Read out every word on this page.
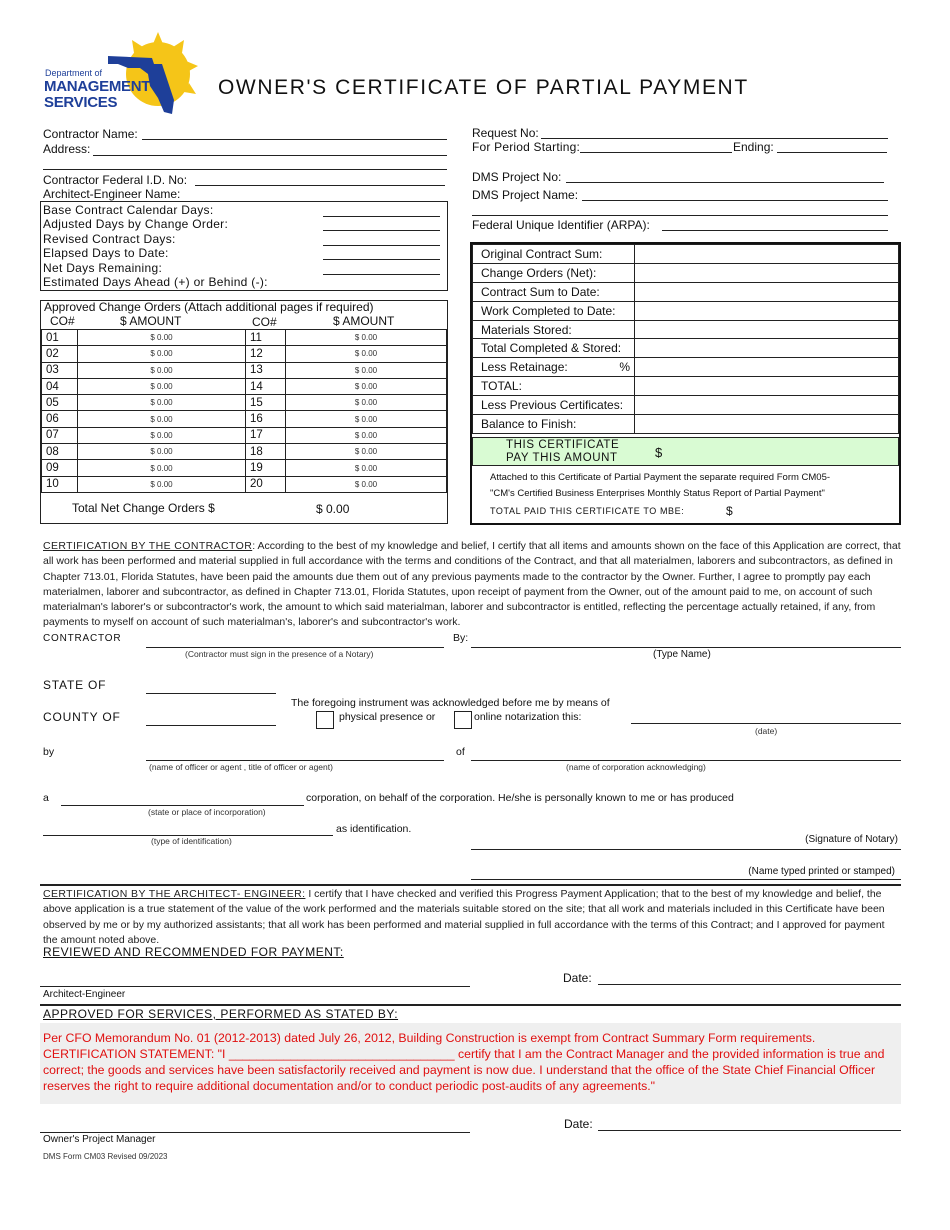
Department of
MANAGEMENT
SERVICES
OWNER'S CERTIFICATE OF PARTIAL PAYMENT
Contractor Name:
Address:
Contractor Federal I.D. No:
Architect-Engineer Name:
Base Contract Calendar Days:
Adjusted Days by Change Order:
Revised Contract Days:
Elapsed Days to Date:
Net Days Remaining:
Estimated Days Ahead (+) or Behind (-):
Approved Change Orders (Attach additional pages if required)
CO#	$ AMOUNT	CO#	$ AMOUNT
01	$ 0.00	11	$ 0.00
02	$ 0.00	12	$ 0.00
03	$ 0.00	13	$ 0.00
04	$ 0.00	14	$ 0.00
05	$ 0.00	15	$ 0.00
06	$ 0.00	16	$ 0.00
07	$ 0.00	17	$ 0.00
08	$ 0.00	18	$ 0.00
09	$ 0.00	19	$ 0.00
10	$ 0.00	20	$ 0.00
Total Net Change Orders $	$ 0.00
Request No:
For Period Starting:	Ending:
DMS Project No:
DMS Project Name:
Federal Unique Identifier (ARPA):
Original Contract Sum:	
Change Orders (Net):	
Contract Sum to Date:	
Work Completed to Date:	
Materials Stored:	
Total Completed & Stored:	
Less Retainage: %	

TOTAL:	
Less Previous Certificates:	
Balance to Finish:	
THIS CERTIFICATE
PAY THIS AMOUNT	$
Attached to this Certificate of Partial Payment the separate required Form CM05-
"CM's Certified Business Enterprises Monthly Status Report of Partial Payment"
TOTAL PAID THIS CERTIFICATE TO MBE:	$
CERTIFICATION BY THE CONTRACTOR: According to the best of my knowledge and belief, I certify that all items and amounts shown on the face of this Application are correct, that all work has been performed and material supplied in full accordance with the terms and conditions of the Contract, and that all materialmen, laborers and subcontractors, as defined in Chapter 713.01, Florida Statutes, have been paid the amounts due them out of any previous payments made to the contractor by the Owner. Further, I agree to promptly pay each materialmen, laborer and subcontractor, as defined in Chapter 713.01, Florida Statutes, upon receipt of payment from the Owner, out of the amount paid to me, on account of such materialman's laborer's or subcontractor's work, the amount to which said materialman, laborer and subcontractor is entitled, reflecting the percentage actually retained, if any, from payments to myself on account of such materialman's, laborer's and subcontractor's work.
CONTRACTOR
(Contractor must sign in the presence of a Notary)
By:
(Type Name)
STATE OF
COUNTY OF
The foregoing instrument was acknowledged before me by means of
physical presence or	online notarization this:
(date)
by
(name of officer or agent , title of officer or agent)
of
(name of corporation acknowledging)
a
(state or place of incorporation)
corporation, on behalf of the corporation. He/she is personally known to me or has produced
as identification.
(type of identification)	(Signature of Notary)
(Name typed printed or stamped)
CERTIFICATION BY THE ARCHITECT- ENGINEER: I certify that I have checked and verified this Progress Payment Application; that to the best of my knowledge and belief, the above application is a true statement of the value of the work performed and the materials suitable stored on the site; that all work and materials included in this Certificate have been observed by me or by my authorized assistants; that all work has been performed and material supplied in full accordance with the terms of this Contract; and I approved for payment the amount noted above.
REVIEWED AND RECOMMENDED FOR PAYMENT:
Date:
Architect-Engineer
APPROVED FOR SERVICES, PERFORMED AS STATED BY:
Per CFO Memorandum No. 01 (2012-2013) dated July 26, 2012, Building Construction is exempt from Contract Summary Form requirements.
CERTIFICATION STATEMENT: "I _________________________________ certify that I am the Contract Manager and the provided information is true and correct; the goods and services have been satisfactorily received and payment is now due. I understand that the office of the State Chief Financial Officer reserves the right to require additional documentation and/or to conduct periodic post-audits of any agreements."
Date:
Owner's Project Manager
DMS Form CM03 Revised 09/2023
